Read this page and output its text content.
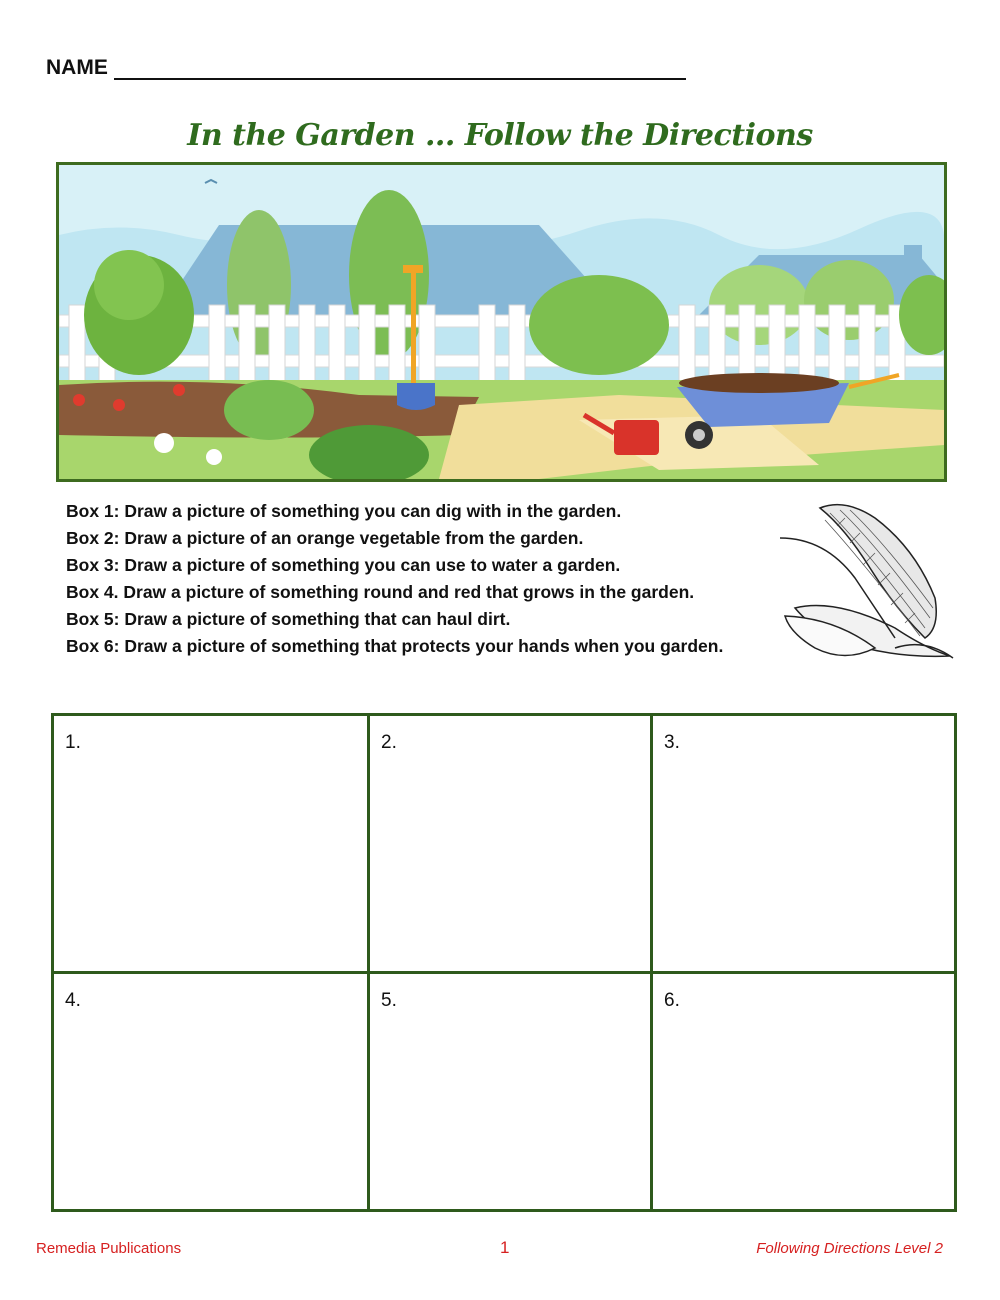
NAME
In the Garden ... Follow the Directions
Box 1: Draw a picture of something you can dig with in the garden.
Box 2: Draw a picture of an orange vegetable from the garden.
Box 3: Draw a picture of something you can use to water a garden.
Box 4. Draw a picture of something round and red that grows in the garden.
Box 5: Draw a picture of something that can haul dirt.
Box 6: Draw a picture of something that protects your hands when you garden.
1.	2.	3.
4.	5.	6.
Remedia Publications	1	Following Directions Level 2
